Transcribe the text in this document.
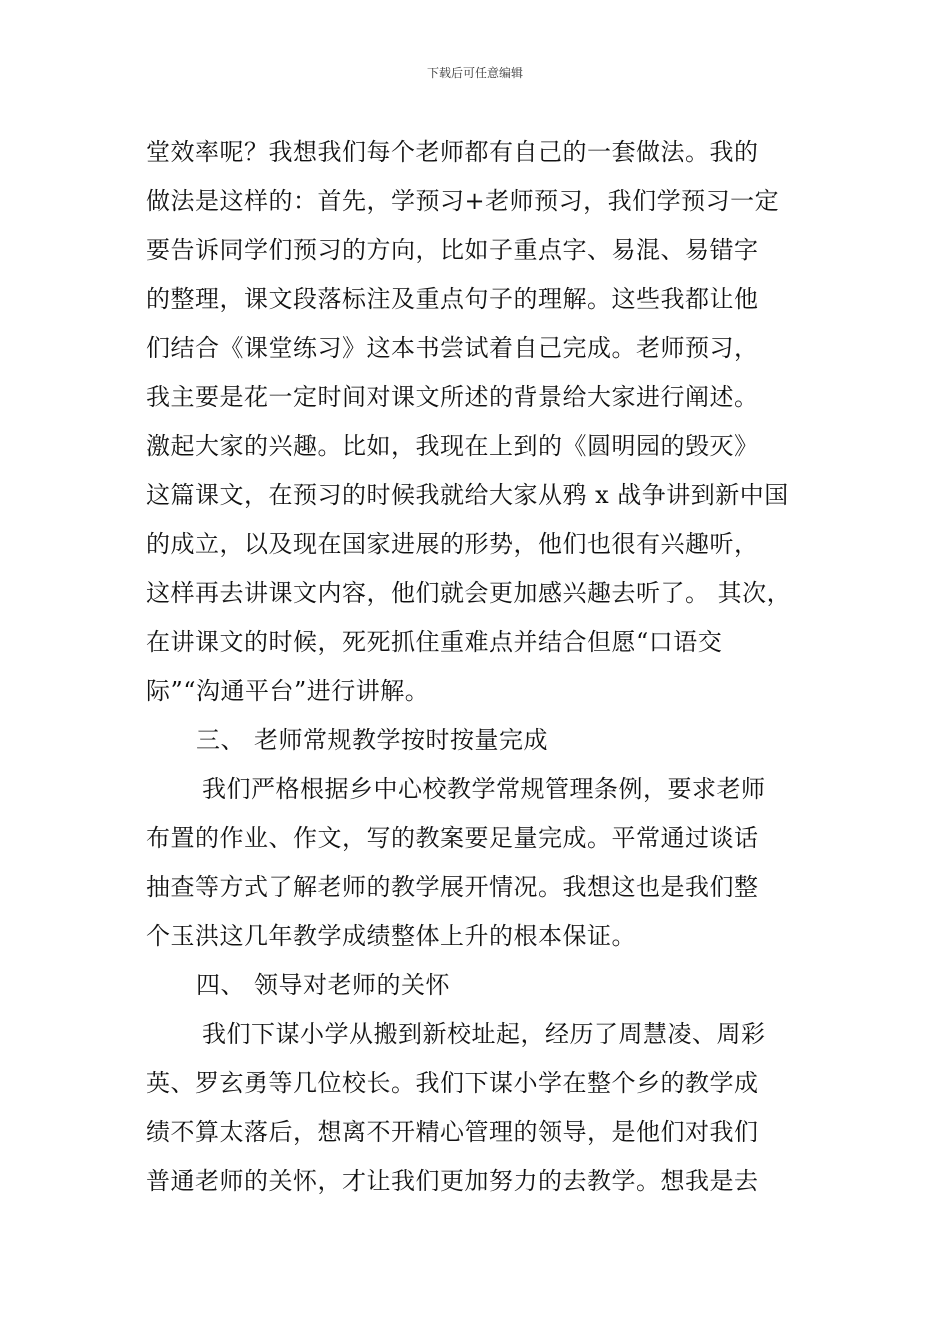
下载后可任意编辑
堂效率呢？我想我们每个老师都有自己的一套做法。我的
做法是这样的：首先，学预习+老师预习，我们学预习一定
要告诉同学们预习的方向，比如子重点字、易混、易错字
的整理，课文段落标注及重点句子的理解。这些我都让他
们结合《课堂练习》这本书尝试着自己完成。老师预习，
我主要是花一定时间对课文所述的背景给大家进行阐述。
激起大家的兴趣。比如，我现在上到的《圆明园的毁灭》
这篇课文，在预习的时候我就给大家从鸦 x 战争讲到新中国
的成立，以及现在国家进展的形势，他们也很有兴趣听，
这样再去讲课文内容，他们就会更加感兴趣去听了。 其次，
在讲课文的时候，死死抓住重难点并结合但愿“口语交
际”“沟通平台”进行讲解。
三、 老师常规教学按时按量完成
我们严格根据乡中心校教学常规管理条例，要求老师
布置的作业、作文，写的教案要足量完成。平常通过谈话
抽查等方式了解老师的教学展开情况。我想这也是我们整
个玉洪这几年教学成绩整体上升的根本保证。
四、 领导对老师的关怀
我们下谋小学从搬到新校址起，经历了周慧凌、周彩
英、罗玄勇等几位校长。我们下谋小学在整个乡的教学成
绩不算太落后，想离不开精心管理的领导，是他们对我们
普通老师的关怀，才让我们更加努力的去教学。想我是去
